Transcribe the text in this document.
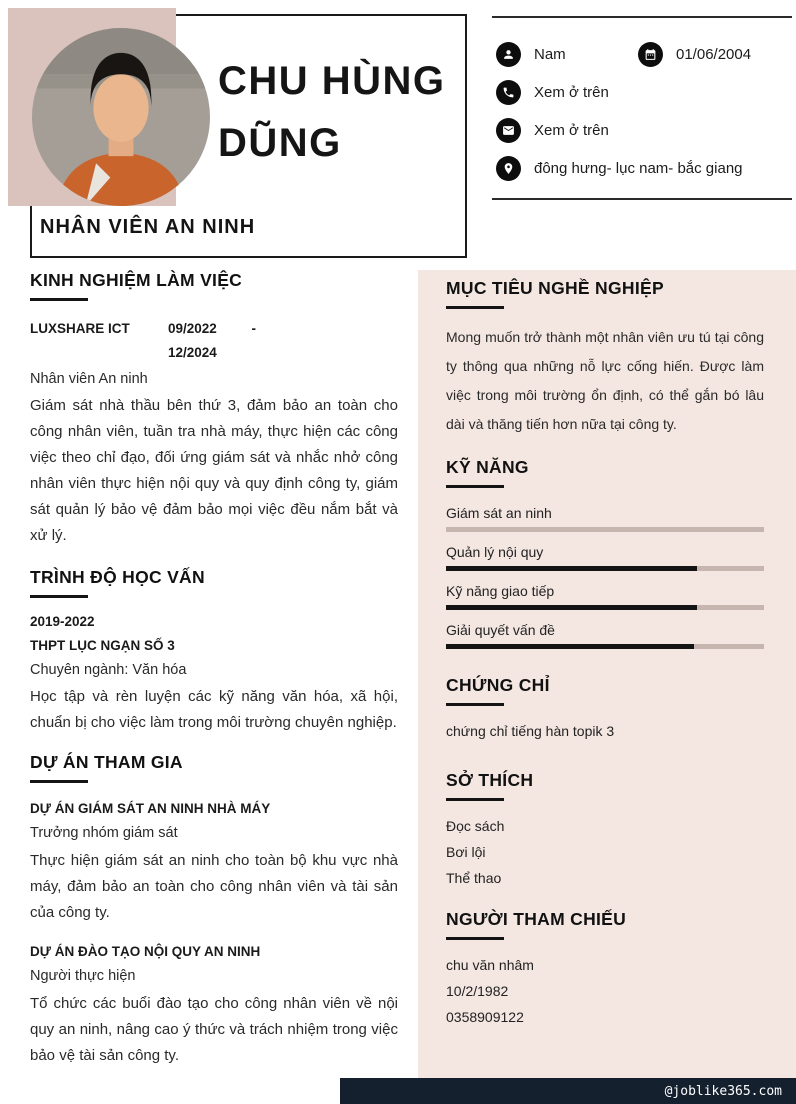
CHU HÙNG
DŨNG
NHÂN VIÊN AN NINH
Nam	01/06/2004
Xem ở trên
Xem ở trên
đông hưng- lục nam- bắc giang
KINH NGHIỆM LÀM VIỆC
LUXSHARE ICT	09/2022	-
12/2024
Nhân viên An ninh

Giám sát nhà thầu bên thứ 3, đảm bảo an toàn cho công nhân viên, tuần tra nhà máy, thực hiện các công việc theo chỉ đạo, đối ứng giám sát và nhắc nhở công nhân viên thực hiện nội quy và quy định công ty, giám sát quản lý bảo vệ đảm bảo mọi việc đều nắm bắt và xử lý.

TRÌNH ĐỘ HỌC VẤN
2019-2022
THPT LỤC NGẠN SỐ 3
Chuyên ngành: Văn hóa

Học tập và rèn luyện các kỹ năng văn hóa, xã hội, chuẩn bị cho việc làm trong môi trường chuyên nghiệp.

DỰ ÁN THAM GIA
DỰ ÁN GIÁM SÁT AN NINH NHÀ MÁY
Trưởng nhóm giám sát

Thực hiện giám sát an ninh cho toàn bộ khu vực nhà máy, đảm bảo an toàn cho công nhân viên và tài sản của công ty.

DỰ ÁN ĐÀO TẠO NỘI QUY AN NINH
Người thực hiện

Tổ chức các buổi đào tạo cho công nhân viên về nội quy an ninh, nâng cao ý thức và trách nhiệm trong việc bảo vệ tài sản công ty.

MỤC TIÊU NGHỀ NGHIỆP

Mong muốn trở thành một nhân viên ưu tú tại công ty thông qua những nỗ lực cống hiến. Được làm việc trong môi trường ổn định, có thể gắn bó lâu dài và thăng tiến hơn nữa tại công ty.

KỸ NĂNG
Giám sát an ninh
Quản lý nội quy
Kỹ năng giao tiếp
Giải quyết vấn đề
CHỨNG CHỈ
chứng chỉ tiếng hàn topik 3
SỞ THÍCH
Đọc sách
Bơi lội
Thể thao
NGƯỜI THAM CHIẾU
chu văn nhâm
10/2/1982
0358909122
@joblike365.com
